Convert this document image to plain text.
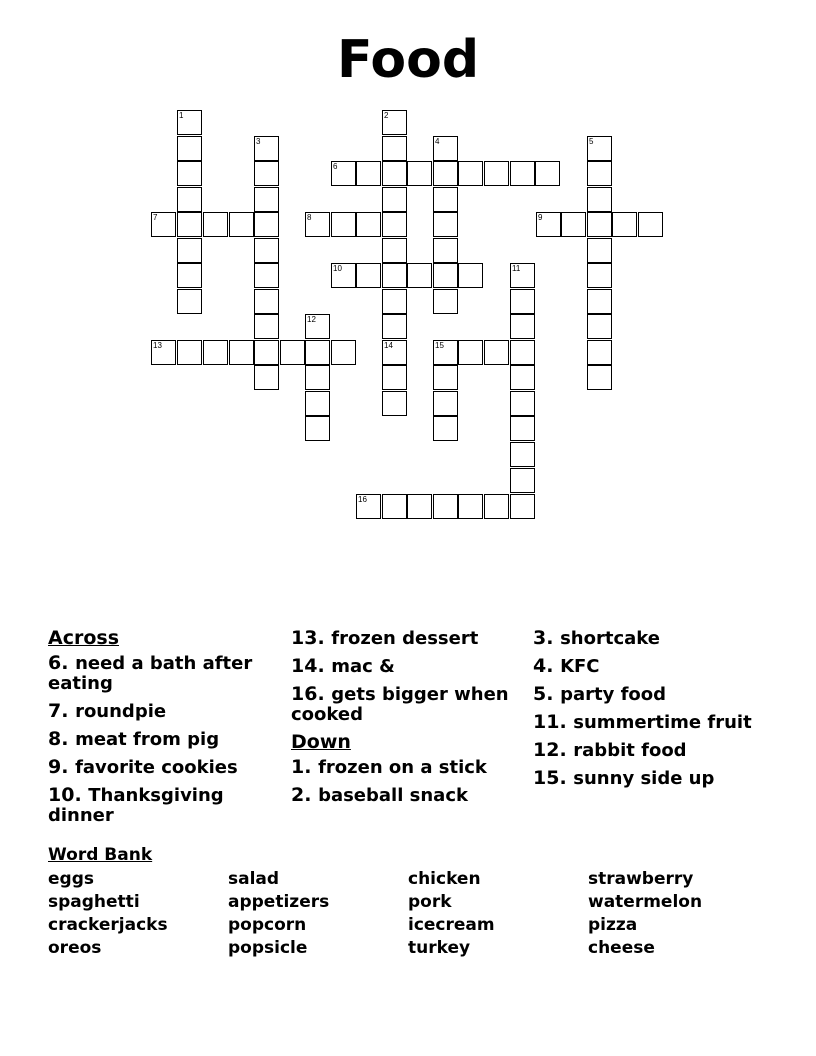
Food
1	2
3	4	5
6
7	8	9
10	11
12
13	14	15
16
Across
6. need a bath after eating
7. roundpie
8. meat from pig
9. favorite cookies
10. Thanksgiving dinner
13. frozen dessert
14. mac &
16. gets bigger when cooked
Down
1. frozen on a stick
2. baseball snack
3. shortcake
4. KFC
5. party food
11. summertime fruit
12. rabbit food
15. sunny side up
Word Bank
eggs	salad	chicken	strawberry
spaghetti	appetizers	pork	watermelon
crackerjacks	popcorn	icecream	pizza
oreos	popsicle	turkey	cheese
